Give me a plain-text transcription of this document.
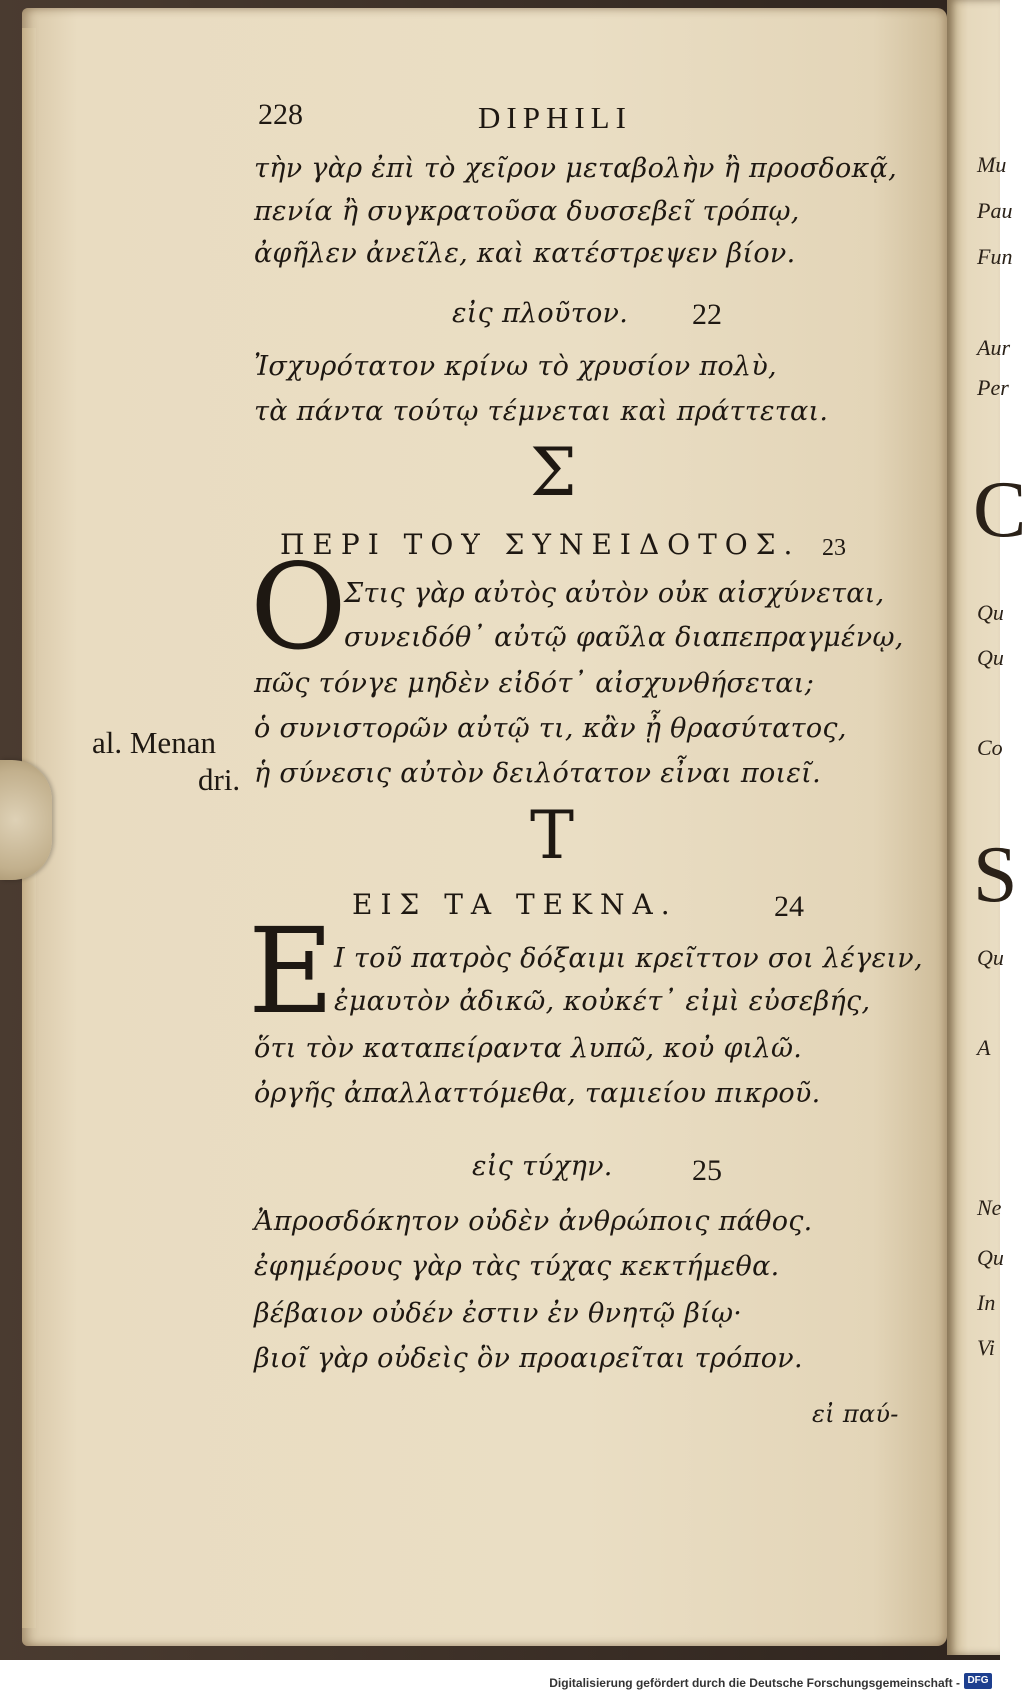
228	DIPHILI
τὴν γὰρ ἐπὶ τὸ χεῖρον μεταβολὴν ἢ προσδοκᾷ,
πενία ἢ συγκρατοῦσα δυσσεβεῖ τρόπῳ,
ἀφῆλεν ἀνεῖλε, καὶ κατέστρεψεν βίον.
εἰς πλοῦτον. 22
Ἰσχυρότατον κρίνω τὸ χρυσίον πολὺ,
τὰ πάντα τούτῳ τέμνεται καὶ πράττεται.
Σ
ΠΕΡΙ ΤΟΥ ΣΥΝΕΙΔΟΤΟΣ. 23
O
Στις γὰρ αὐτὸς αὐτὸν οὐκ αἰσχύνεται,
συνειδόθ᾽ αὐτῷ φαῦλα διαπεπραγμένῳ,
πῶς τόνγε μηδὲν εἰδότ᾽ αἰσχυνθήσεται;
ὁ συνιστορῶν αὐτῷ τι, κἂν ᾖ θρασύτατος,
ἡ σύνεσις αὐτὸν δειλότατον εἶναι ποιεῖ.
T
ΕΙΣ ΤΑ ΤΕΚΝΑ.	24
E Ι τοῦ πατρὸς δόξαιμι κρεῖττον σοι λέγειν,
ἐμαυτὸν ἀδικῶ, κοὐκέτ᾽ εἰμὶ εὐσεβής,
ὅτι τὸν καταπείραντα λυπῶ, κοὐ φιλῶ.
ὀργῆς ἀπαλλαττόμεθα, ταμιείου πικροῦ.
εἰς τύχην.	25
Ἀπροσδόκητον οὐδὲν ἀνθρώποις πάθος.
ἐφημέρους γὰρ τὰς τύχας κεκτήμεθα.
βέβαιον οὐδέν ἐστιν ἐν θνητῷ βίῳ·
βιοῖ γὰρ οὐδεὶς ὃν προαιρεῖται τρόπον.
εἰ παύ-
al. Menan
dri.
Mu
Pau
Fun
Aur
Per
C
Qu
Qu
Co
S
Qu
A
Ne
Qu
In
Vi
Digitalisierung gefördert durch die Deutsche Forschungsgemeinschaft - DFG
